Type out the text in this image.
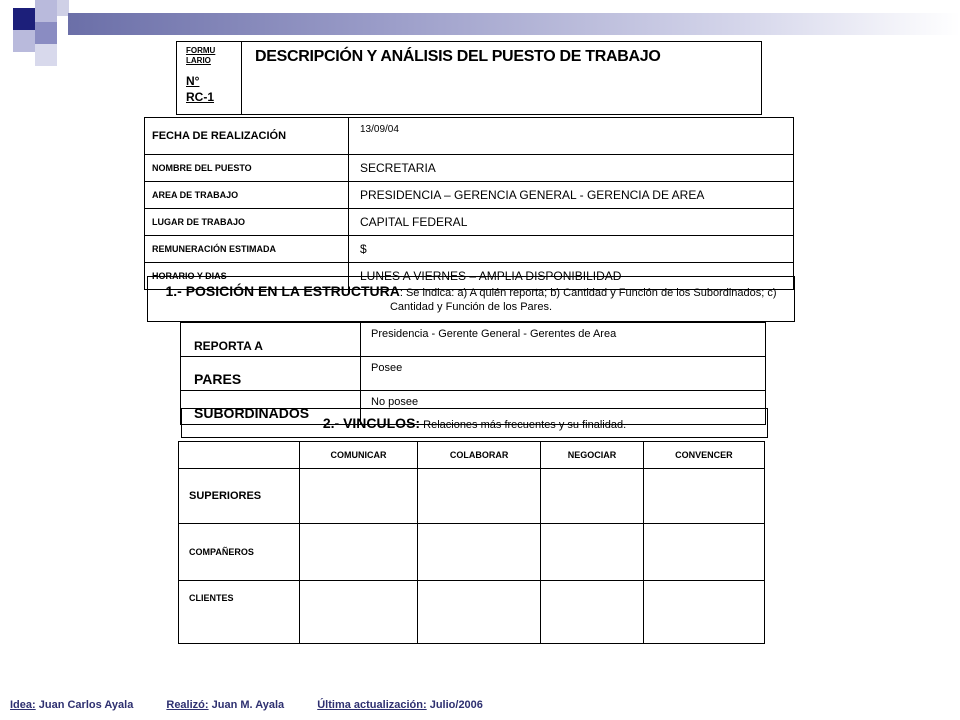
FORMU LARIO
N°
RC-1
DESCRIPCIÓN Y ANÁLISIS DEL PUESTO DE TRABAJO
FECHA DE REALIZACIÓN	13/09/04
NOMBRE DEL PUESTO	SECRETARIA
AREA DE TRABAJO	PRESIDENCIA – GERENCIA GENERAL - GERENCIA DE AREA
LUGAR DE TRABAJO	CAPITAL FEDERAL
REMUNERACIÓN ESTIMADA	$
HORARIO Y DIAS	LUNES A VIERNES – AMPLIA DISPONIBILIDAD
1.- POSICIÓN EN LA ESTRUCTURA: Se indica: a) A quién reporta; b) Cantidad y Función de los Subordinados; c) Cantidad y Función de los Pares.
REPORTA A	Presidencia - Gerente General - Gerentes de Area
PARES	Posee
SUBORDINADOS	No posee
2.- VINCULOS: Relaciones más frecuentes y su finalidad.
	COMUNICAR	COLABORAR	NEGOCIAR	CONVENCER
SUPERIORES				
COMPAÑEROS				
CLIENTES				
Idea: Juan Carlos Ayala	Realizó: Juan M. Ayala	Última actualización: Julio/2006
